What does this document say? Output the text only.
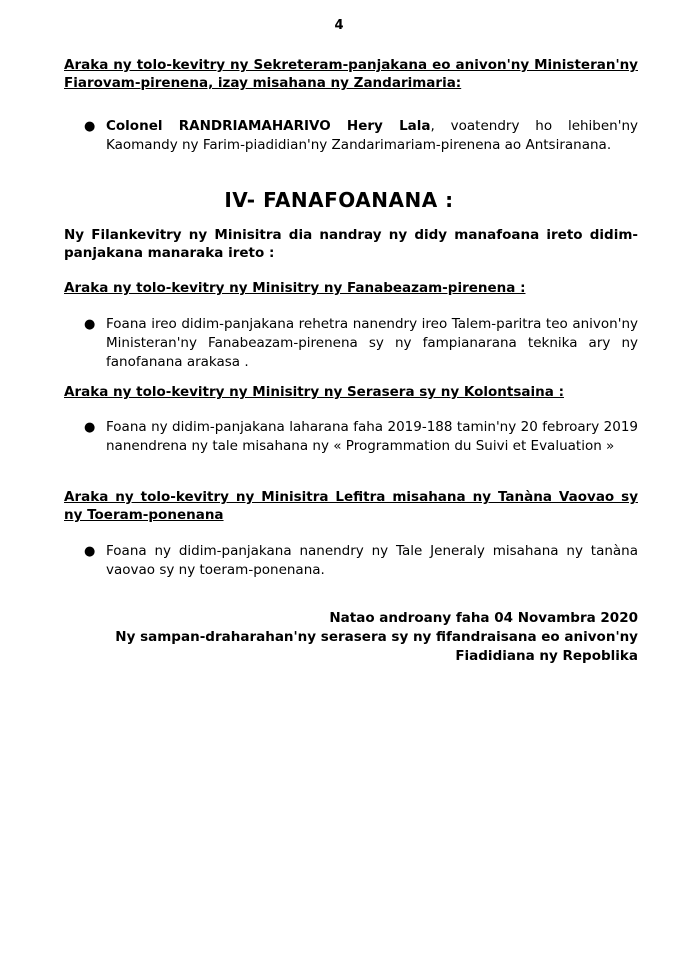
4
Araka ny tolo-kevitry ny Sekreteram-panjakana eo anivon'ny Ministeran'ny Fiarovam-pirenena, izay misahana ny Zandarimaria:
● Colonel RANDRIAMAHARIVO Hery Lala, voatendry ho lehiben'ny Kaomandy ny Farim-piadidian'ny Zandarimariam-pirenena ao Antsiranana.
IV- FANAFOANANA :
Ny Filankevitry ny Minisitra dia nandray ny didy manafoana ireto didim-panjakana manaraka ireto :
Araka ny tolo-kevitry ny Minisitry ny Fanabeazam-pirenena :
● Foana ireo didim-panjakana rehetra nanendry ireo Talem-paritra teo anivon'ny Ministeran'ny Fanabeazam-pirenena sy ny fampianarana teknika ary ny fanofanana arakasa .
Araka ny tolo-kevitry ny Minisitry ny Serasera sy ny Kolontsaina :
● Foana ny didim-panjakana laharana faha 2019-188 tamin'ny 20 febroary 2019 nanendrena ny tale misahana ny « Programmation du Suivi et Evaluation »
Araka ny tolo-kevitry ny Minisitra Lefitra misahana ny Tanàna Vaovao sy ny Toeram-ponenana
● Foana ny didim-panjakana nanendry ny Tale Jeneraly misahana ny tanàna vaovao sy ny toeram-ponenana.
Natao androany faha 04 Novambra 2020
Ny sampan-draharahan'ny serasera sy ny fifandraisana eo anivon'ny
Fiadidiana ny Repoblika
